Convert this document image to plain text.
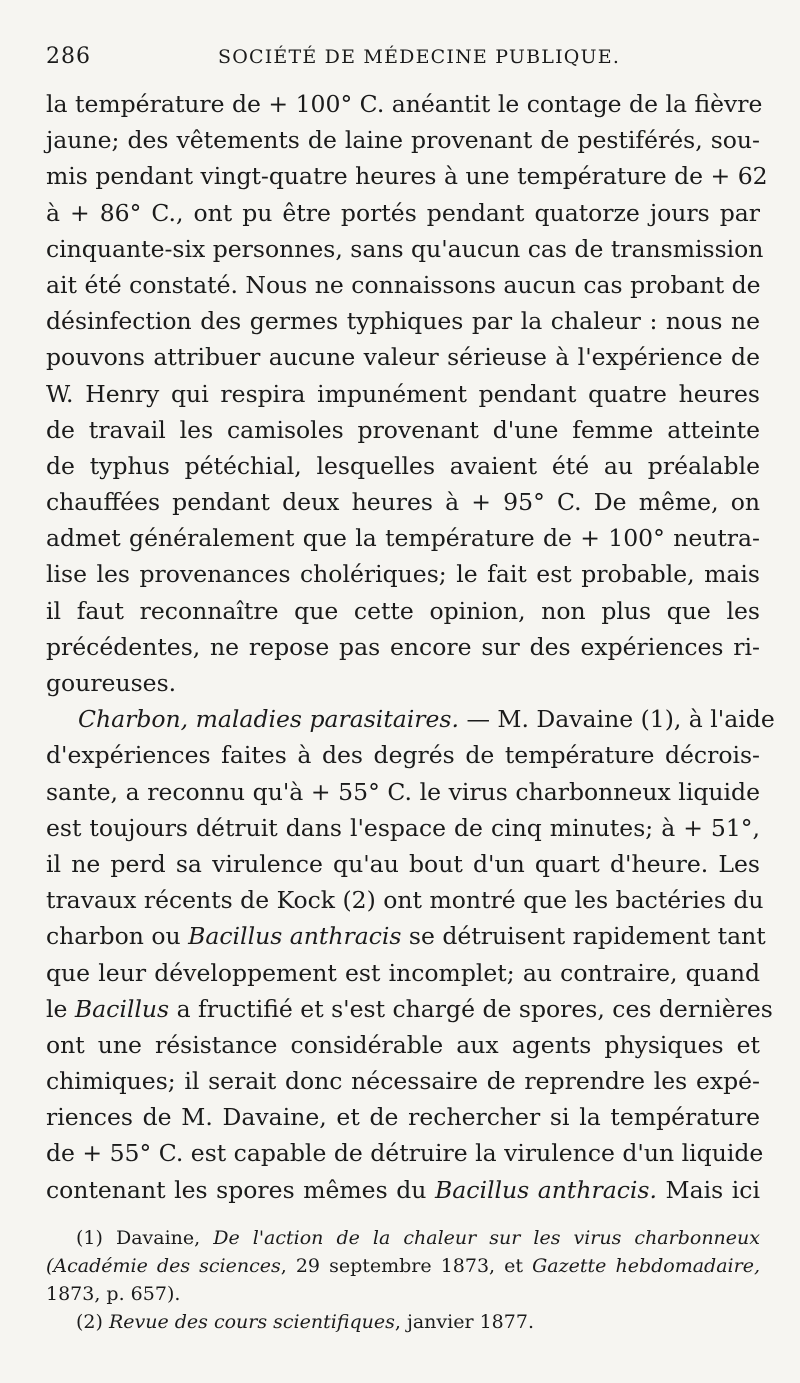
286	SOCIÉTÉ DE MÉDECINE PUBLIQUE.
la température de + 100° C. anéantit le contage de la fièvre
jaune; des vêtements de laine provenant de pestiférés, sou-
mis pendant vingt-quatre heures à une température de + 62
à + 86° C., ont pu être portés pendant quatorze jours par
cinquante-six personnes, sans qu'aucun cas de transmission
ait été constaté. Nous ne connaissons aucun cas probant de
désinfection des germes typhiques par la chaleur : nous ne
pouvons attribuer aucune valeur sérieuse à l'expérience de
W. Henry qui respira impunément pendant quatre heures
de travail les camisoles provenant d'une femme atteinte
de typhus pétéchial, lesquelles avaient été au préalable
chauffées pendant deux heures à + 95° C. De même, on
admet généralement que la température de + 100° neutra-
lise les provenances cholériques; le fait est probable, mais
il faut reconnaître que cette opinion, non plus que les
précédentes, ne repose pas encore sur des expériences ri-
goureuses.
Charbon, maladies parasitaires. — M. Davaine (1), à l'aide
d'expériences faites à des degrés de température décrois-
sante, a reconnu qu'à + 55° C. le virus charbonneux liquide
est toujours détruit dans l'espace de cinq minutes; à + 51°,
il ne perd sa virulence qu'au bout d'un quart d'heure. Les
travaux récents de Kock (2) ont montré que les bactéries du
charbon ou Bacillus anthracis se détruisent rapidement tant
que leur développement est incomplet; au contraire, quand
le Bacillus a fructifié et s'est chargé de spores, ces dernières
ont une résistance considérable aux agents physiques et
chimiques; il serait donc nécessaire de reprendre les expé-
riences de M. Davaine, et de rechercher si la température
de + 55° C. est capable de détruire la virulence d'un liquide
contenant les spores mêmes du Bacillus anthracis. Mais ici
(1) Davaine, De l'action de la chaleur sur les virus charbonneux
(Académie des sciences, 29 septembre 1873, et Gazette hebdomadaire,
1873, p. 657).
(2) Revue des cours scientifiques, janvier 1877.
